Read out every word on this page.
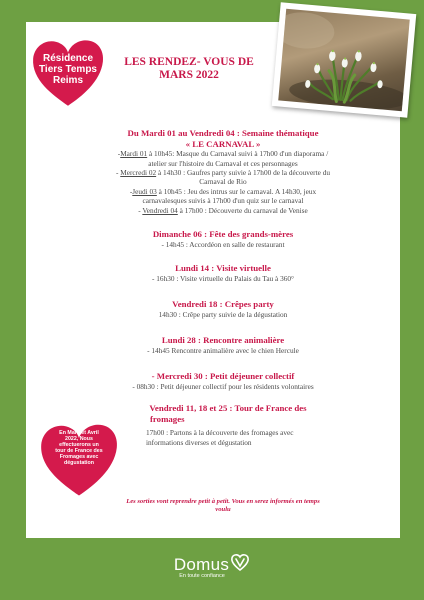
Résidence
Tiers Temps
Reims
LES RENDEZ- VOUS DE
MARS 2022
Du Mardi 01 au Vendredi 04 : Semaine thématique
« LE CARNAVAL »
-Mardi 01 à 10h45: Masque du Carnaval suivi à 17h00 d'un diaporama /
atelier sur l'histoire du Carnaval et ces personnages
- Mercredi 02 à 14h30 : Gaufres party suivie à 17h00 de la découverte du
Carnaval de Rio
-Jeudi 03 à 10h45 : Jeu des intrus sur le carnaval. A 14h30, jeux
carnavalesques suivis à 17h00 d'un quiz sur le carnaval
- Vendredi 04 à 17h00 : Découverte du carnaval de Venise
Dimanche 06 : Fête des grands-mères
- 14h45 : Accordéon en salle de restaurant
Lundi 14 : Visite virtuelle
- 16h30 : Visite virtuelle du Palais du Tau à 360°
Vendredi 18 : Crêpes party
14h30 : Crêpe party suivie de la dégustation
Lundi 28 : Rencontre animalière
- 14h45 Rencontre animalière avec le chien Hercule
- Mercredi 30 : Petit déjeuner collectif
- 08h30 : Petit déjeuner collectif pour les résidents volontaires
Vendredi 11, 18 et 25 : Tour de France des
fromages
17h00 : Partons à la découverte des fromages avec
informations diverses et dégustation
En Mars et Avril
2022, Nous
effectuerons un
tour de France des
Fromages avec
dégustation
Les sorties vont reprendre petit à petit. Vous en serez informés en temps
voulu
Domus
En toute confiance
